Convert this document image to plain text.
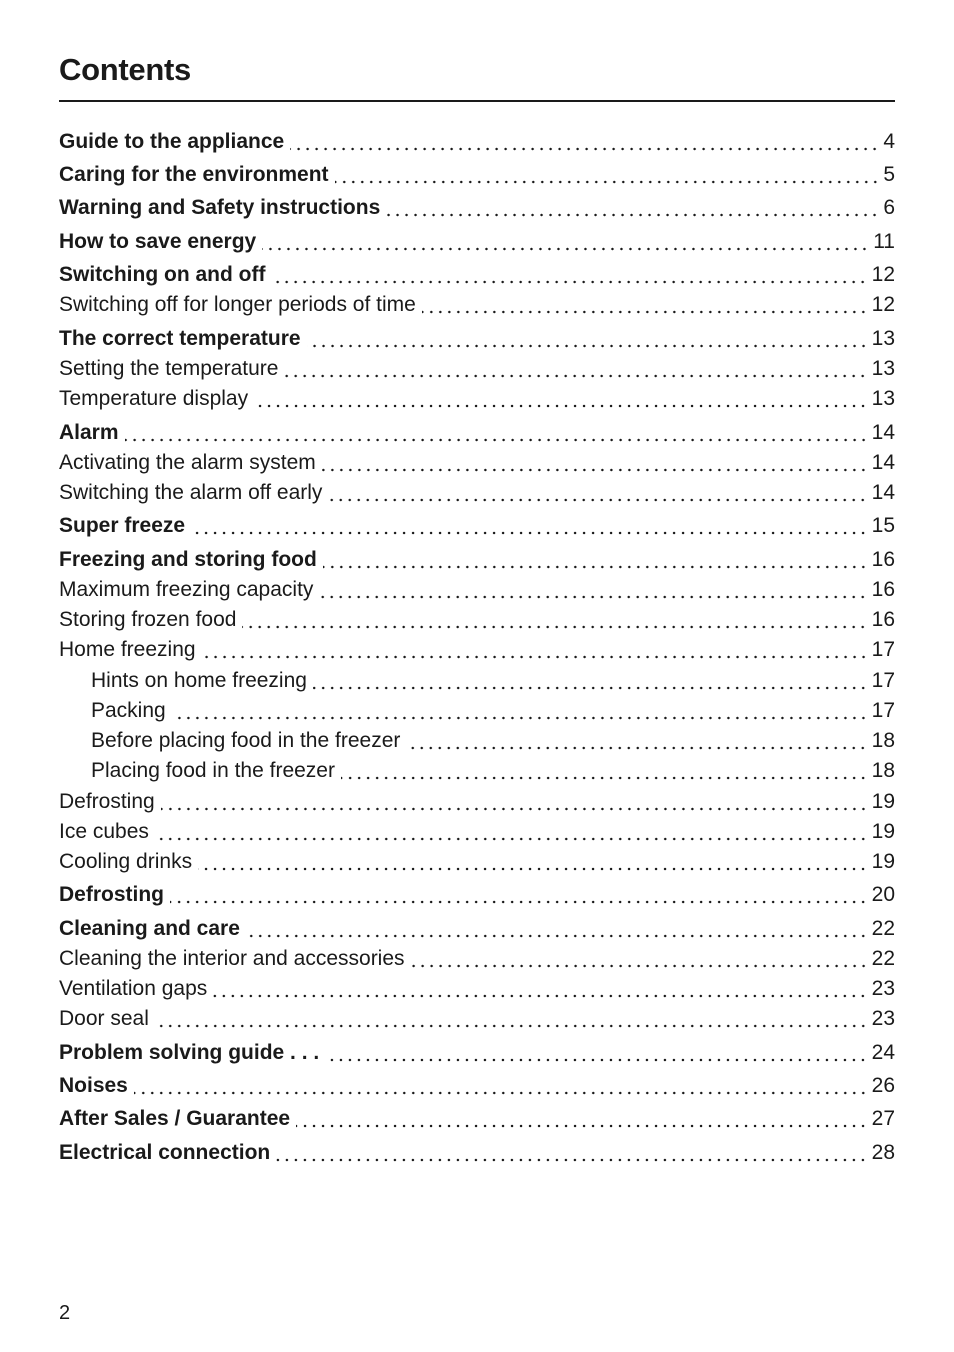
Contents
Guide to the appliance	4
Caring for the environment	5
Warning and Safety instructions	6
How to save energy	11
Switching on and off	12
Switching off for longer periods of time	12
The correct temperature	13
Setting the temperature	13
Temperature display	13
Alarm	14
Activating the alarm system	14
Switching the alarm off early	14
Super freeze	15
Freezing and storing food	16
Maximum freezing capacity	16
Storing frozen food	16
Home freezing	17
Hints on home freezing	17
Packing	17
Before placing food in the freezer	18
Placing food in the freezer	18
Defrosting	19
Ice cubes	19
Cooling drinks	19
Defrosting	20
Cleaning and care	22
Cleaning the interior and accessories	22
Ventilation gaps	23
Door seal	23
Problem solving guide . . .	24
Noises	26
After Sales / Guarantee	27
Electrical connection	28
2
